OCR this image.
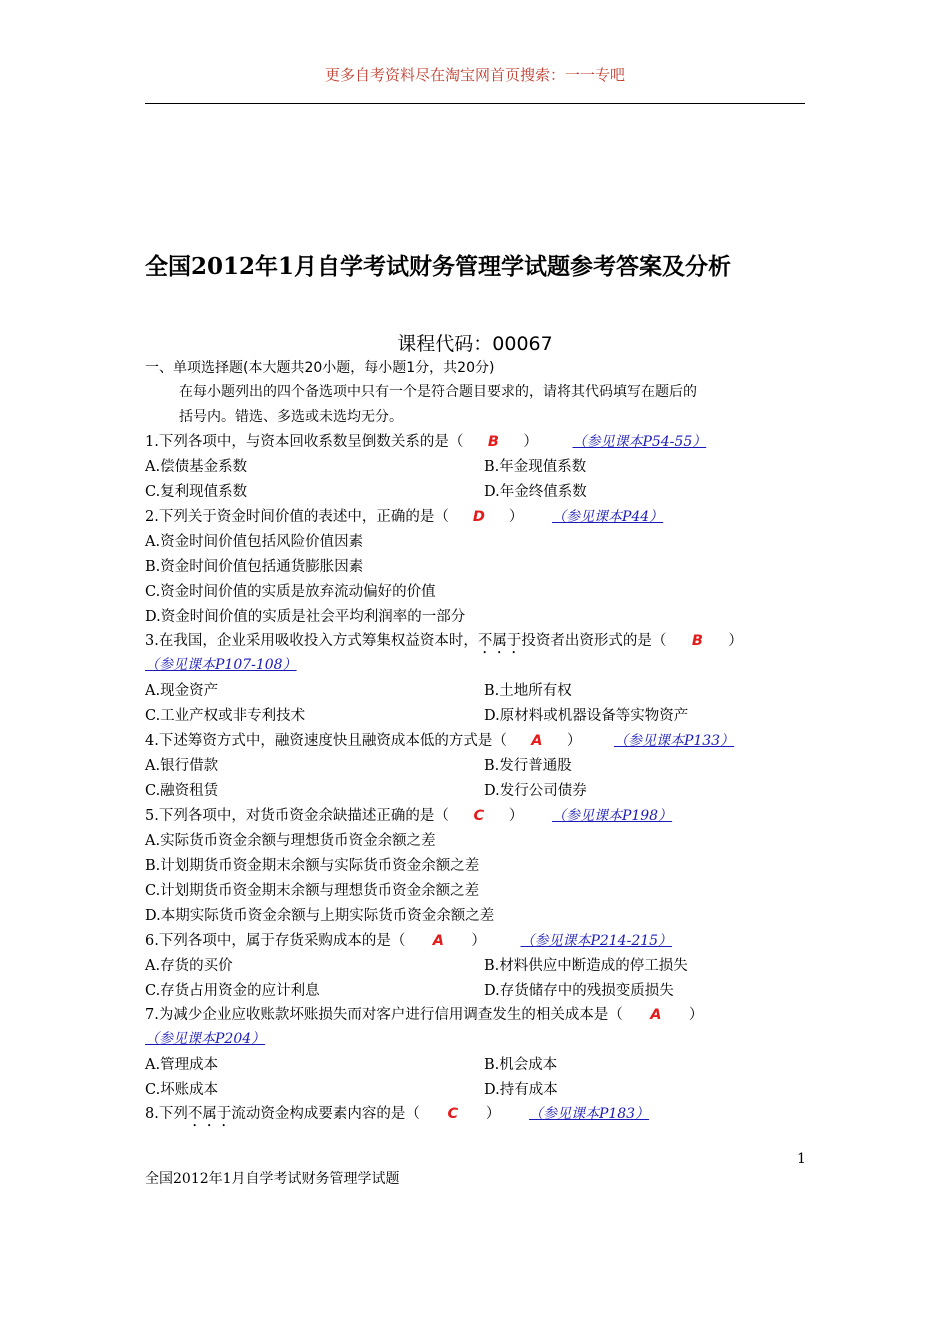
更多自考资料尽在淘宝网首页搜索：一一专吧
全国2012年1月自学考试财务管理学试题参考答案及分析
课程代码：00067
一、单项选择题(本大题共20小题，每小题1分，共20分)
在每小题列出的四个备选项中只有一个是符合题目要求的，请将其代码填写在题后的
括号内。错选、多选或未选均无分。
1.下列各项中，与资本回收系数呈倒数关系的是（ B ） （参见课本P54-55）
A.偿债基金系数	B.年金现值系数
C.复利现值系数	D.年金终值系数
2.下列关于资金时间价值的表述中，正确的是（ D ） （参见课本P44）
A.资金时间价值包括风险价值因素
B.资金时间价值包括通货膨胀因素
C.资金时间价值的实质是放弃流动偏好的价值
D.资金时间价值的实质是社会平均利润率的一部分
3.在我国，企业采用吸收投入方式筹集权益资本时，不属于投资者出资形式的是（ B ）
（参见课本P107-108）
A.现金资产	B.土地所有权
C.工业产权或非专利技术	D.原材料或机器设备等实物资产
4.下述筹资方式中，融资速度快且融资成本低的方式是（ A ） （参见课本P133）
A.银行借款	B.发行普通股
C.融资租赁	D.发行公司债券
5.下列各项中，对货币资金余缺描述正确的是（ C ） （参见课本P198）
A.实际货币资金余额与理想货币资金余额之差
B.计划期货币资金期末余额与实际货币资金余额之差
C.计划期货币资金期末余额与理想货币资金余额之差
D.本期实际货币资金余额与上期实际货币资金余额之差
6.下列各项中，属于存货采购成本的是（ A ） （参见课本P214-215）
A.存货的买价	B.材料供应中断造成的停工损失
C.存货占用资金的应计利息	D.存货储存中的残损变质损失
7.为减少企业应收账款坏账损失而对客户进行信用调查发生的相关成本是（ A ）
（参见课本P204）
A.管理成本	B.机会成本
C.坏账成本	D.持有成本
8.下列不属于流动资金构成要素内容的是（ C ） （参见课本P183）
1
全国2012年1月自学考试财务管理学试题
